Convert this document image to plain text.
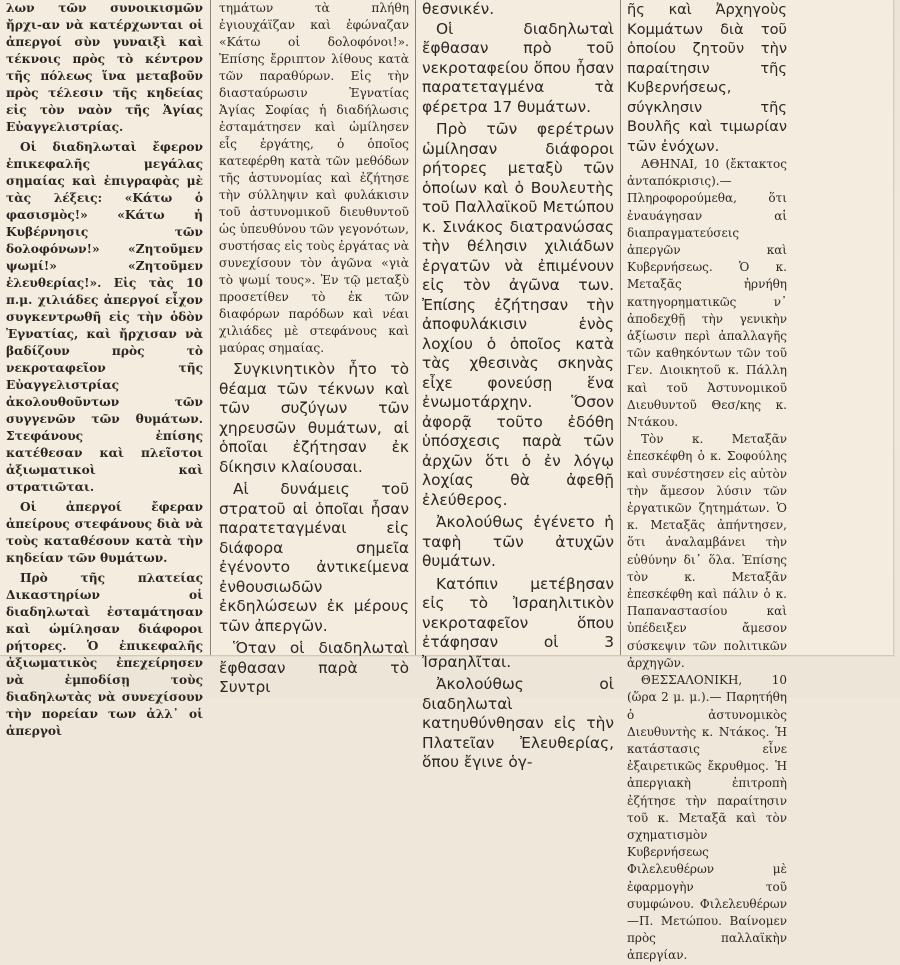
λων τῶν συνοικισμῶν ἤρχι-αν νὰ κατέρχωνται οἱ ἀπεργοί σὺν γυναιξὶ καὶ τέκνοις πρὸς τὸ κέντρον τῆς πόλεως ἵνα μεταβοῦν πρὸς τέλεσιν τῆς κηδείας εἰς τὸν ναὸν τῆς Ἁγίας Εὐαγγελιστρίας.

Οἱ διαδηλωταὶ ἔφερον ἐπικεφαλῆς μεγάλας σημαίας καὶ ἐπιγραφὰς μὲ τὰς λέξεις: «Κάτω ὁ φασισμὸς!» «Κάτω ἡ Κυβέρνησις τῶν δολοφόνων!» «Ζητοῦμεν ψωμί!» «Ζητοῦμεν ἐλευθερίας!». Εἰς τὰς 10 π.μ. χιλιάδες ἀπεργοί εἶχον συγκεντρωθῆ εἰς τὴν ὁδὸν Ἐγνατίας, καὶ ἤρχισαν νὰ βαδίζουν πρὸς τὸ νεκροταφεῖον τῆς Εὐαγγελιστρίας ἀκολουθοῦντων τῶν συγγενῶν τῶν θυμάτων. Στεφάνους ἐπίσης κατέθεσαν καὶ πλεῖστοι ἀξιωματικοὶ καὶ στρατιῶται.

Οἱ ἀπεργοί ἔφεραν ἀπείρους στεφάνους διὰ νὰ τοὺς καταθέσουν κατὰ τὴν κηδείαν τῶν θυμάτων.

Πρὸ τῆς πλατείας Δικαστηρίων οἱ διαδηλωταὶ ἐσταμάτησαν καὶ ὡμίλησαν διάφοροι ρήτορες. Ὁ ἐπικεφαλῆς ἀξιωματικὸς ἐπεχείρησεν νὰ ἐμποδίσῃ τοὺς διαδηλωτὰς νὰ συνεχίσουν τὴν πορείαν των ἀλλ᾽ οἱ ἀπεργοὶ

τημάτων τὰ πλήθη ἐγιουχάϊζαν καὶ ἐφώναζαν «Κάτω οἱ δολοφόνοι!». Ἐπίσης ἔρριπτον λίθους κατὰ τῶν παραθύρων. Εἰς τὴν διασταύρωσιν Ἐγνατίας Ἁγίας Σοφίας ἡ διαδήλωσις ἐσταμάτησεν καὶ ὡμίλησεν εἷς ἐργάτης, ὁ ὁποῖος κατεφέρθη κατὰ τῶν μεθόδων τῆς ἀστυνομίας καὶ ἐζήτησε τὴν σύλληψιν καὶ φυλάκισιν τοῦ ἀστυνομικοῦ διευθυντοῦ ὡς ὑπευθύνου τῶν γεγονότων, συστήσας εἰς τοὺς ἐργάτας νὰ συνεχίσουν τὸν ἀγῶνα «γιὰ τὸ ψωμί τους». Ἐν τῷ μεταξὺ προσετίθεν τὸ ἐκ τῶν διαφόρων παρόδων καὶ νέαι χιλιάδες μὲ στεφάνους καὶ μαύρας σημαίας.

Συγκινητικὸν ἦτο τὸ θέαμα τῶν τέκνων καὶ τῶν συζύγων τῶν χηρευσῶν θυμάτων, αἱ ὁποῖαι ἐζήτησαν ἐκ δίκησιν κλαίουσαι.

Αἱ δυνάμεις τοῦ στρατοῦ αἱ ὁποῖαι ἦσαν παρατεταγμέναι εἰς διάφορα σημεῖα ἐγένοντο ἀντικείμενα ἐνθουσιωδῶν ἐκδηλώσεων ἐκ μέρους τῶν ἀπεργῶν.

Ὅταν οἱ διαδηλωταὶ ἔφθασαν παρὰ τὸ Συντρι

θεσνικέν.

Οἱ διαδηλωταὶ ἔφθασαν πρὸ τοῦ νεκροταφείου ὅπου ἦσαν παρατεταγμένα τὰ φέρετρα 17 θυμάτων.

Πρὸ τῶν φερέτρων ὡμίλησαν διάφοροι ρήτορες μεταξὺ τῶν ὁποίων καὶ ὁ Βουλευτὴς τοῦ Παλλαϊκοῦ Μετώπου κ. Σινάκος διατρανώσας τὴν θέλησιν χιλιάδων ἐργατῶν νὰ ἐπιμένουν εἰς τὸν ἀγῶνα των. Ἐπίσης ἐζήτησαν τὴν ἀποφυλάκισιν ἑνὸς λοχίου ὁ ὁποῖος κατὰ τὰς χθεσινὰς σκηνὰς εἶχε φονεύσῃ ἕνα ἐνωμοτάρχην. Ὅσον ἀφορᾷ τοῦτο ἐδόθη ὑπόσχεσις παρὰ τῶν ἀρχῶν ὅτι ὁ ἐν λόγῳ λοχίας θὰ ἀφεθῇ ἐλεύθερος.

Ἀκολούθως ἐγένετο ἡ ταφὴ τῶν ἀτυχῶν θυμάτων.

Κατόπιν μετέβησαν εἰς τὸ Ἰσραηλιτικὸν νεκροταφεῖον ὅπου ἐτάφησαν οἱ 3 Ἰσραηλῖται.

Ἀκολούθως οἱ διαδηλωταὶ κατηυθύνθησαν εἰς τὴν Πλατεῖαν Ἐλευθερίας, ὅπου ἔγινε ὁγ-

ῆς καὶ Ἀρχηγοὺς Κομμάτων διὰ τοῦ ὁποίου ζητοῦν τὴν παραίτησιν τῆς Κυβερνήσεως, σύγκλησιν τῆς Βουλῆς καὶ τιμωρίαν τῶν ἐνόχων.

ΑΘΗΝΑΙ, 10 (ἔκτακτος ἀνταπόκρισις).— Πληροφορούμεθα, ὅτι ἐναυάγησαν αἱ διαπραγματεύσεις ἀπεργῶν καὶ Κυβερνήσεως. Ὁ κ. Μεταξᾶς ἠρνήθη κατηγορηματικῶς ν᾽ ἀποδεχθῇ τὴν γενικὴν ἀξίωσιν περὶ ἀπαλλαγῆς τῶν καθηκόντων τῶν τοῦ Γεν. Διοικητοῦ κ. Πάλλη καὶ τοῦ Ἀστυνομικοῦ Διευθυντοῦ Θεσ/κης κ. Ντάκου.

Τὸν κ. Μεταξᾶν ἐπεσκέφθη ὁ κ. Σοφούλης καὶ συνέστησεν εἰς αὐτὸν τὴν ἄμεσον λύσιν τῶν ἐργατικῶν ζητημάτων. Ὁ κ. Μεταξᾶς ἀπήντησεν, ὅτι ἀναλαμβάνει τὴν εὐθύνην δι᾽ ὅλα. Ἐπίσης τὸν κ. Μεταξᾶν ἐπεσκέφθη καὶ πάλιν ὁ κ. Παπαναστασίου καὶ ὑπέδειξεν ἄμεσον σύσκεψιν τῶν πολιτικῶν ἀρχηγῶν.

ΘΕΣΣΑΛΟΝΙΚΗ, 10 (ὥρα 2 μ. μ.).— Παρητήθη ὁ ἀστυνομικὸς Διευθυντὴς κ. Ντάκος. Ἡ κατάστασις εἶνε ἐξαιρετικῶς ἔκρυθμος. Ἡ ἀπεργιακὴ ἐπιτροπὴ ἐζήτησε τὴν παραίτησιν τοῦ κ. Μεταξᾶ καὶ τὸν σχηματισμὸν Κυβερνήσεως Φιλελευθέρων μὲ ἐφαρμογὴν τοῦ συμφώνου. Φιλελευθέρων—Π. Μετώπου. Βαίνομεν πρὸς παλλαϊκὴν ἀπεργίαν.
